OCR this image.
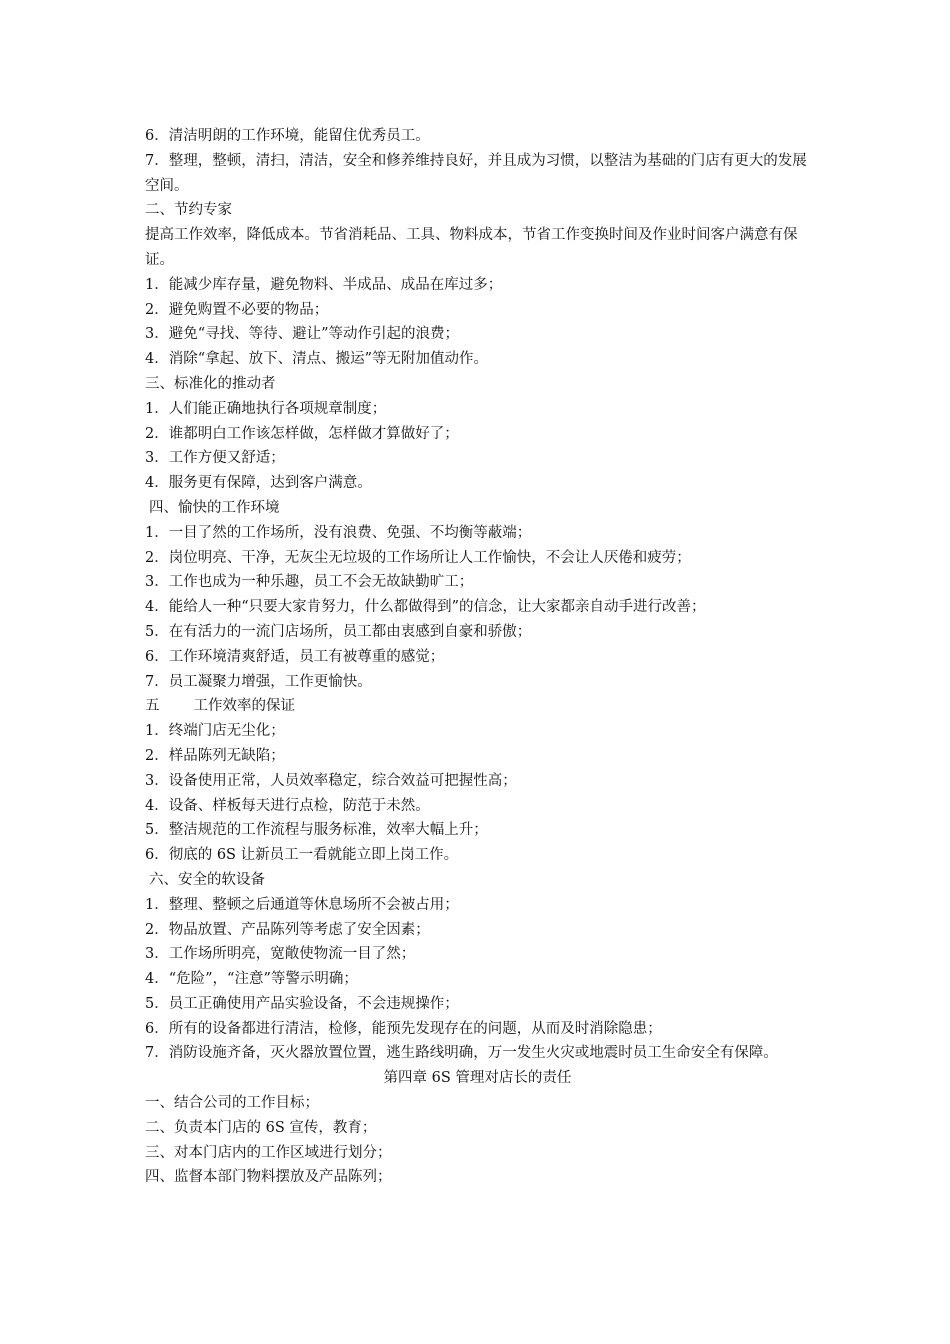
6．清洁明朗的工作环境，能留住优秀员工。
7．整理，整顿，清扫，清洁，安全和修养维持良好，并且成为习惯，以整洁为基础的门店有更大的发展空间。
二、节约专家
提高工作效率，降低成本。节省消耗品、工具、物料成本，节省工作变换时间及作业时间客户满意有保证。
1．能减少库存量，避免物料、半成品、成品在库过多；
2．避免购置不必要的物品；
3．避免“寻找、等待、避让”等动作引起的浪费；
4．消除“拿起、放下、清点、搬运”等无附加值动作。
三、标准化的推动者
1．人们能正确地执行各项规章制度；
2．谁都明白工作该怎样做，怎样做才算做好了；
3．工作方便又舒适；
4．服务更有保障，达到客户满意。
四、愉快的工作环境
1．一目了然的工作场所，没有浪费、免强、不均衡等蔽端；
2．岗位明亮、干净，无灰尘无垃圾的工作场所让人工作愉快，不会让人厌倦和疲劳；
3．工作也成为一种乐趣，员工不会无故缺勤旷工；
4．能给人一种“只要大家肯努力，什么都做得到”的信念，让大家都亲自动手进行改善；
5．在有活力的一流门店场所，员工都由衷感到自豪和骄傲；
6．工作环境清爽舒适，员工有被尊重的感觉；
7．员工凝聚力增强，工作更愉快。
五 工作效率的保证
1．终端门店无尘化；
2．样品陈列无缺陷；
3．设备使用正常，人员效率稳定，综合效益可把握性高；
4．设备、样板每天进行点检，防范于未然。
5．整洁规范的工作流程与服务标准，效率大幅上升；
6．彻底的 6S 让新员工一看就能立即上岗工作。
六、安全的软设备
1．整理、整顿之后通道等休息场所不会被占用；
2．物品放置、产品陈列等考虑了安全因素；
3．工作场所明亮，宽敞使物流一目了然；
4．“危险”，“注意”等警示明确；
5．员工正确使用产品实验设备，不会违规操作；
6．所有的设备都进行清洁，检修，能预先发现存在的问题，从而及时消除隐患；
7．消防设施齐备，灭火器放置位置，逃生路线明确，万一发生火灾或地震时员工生命安全有保障。
第四章 6S 管理对店长的责任
一、结合公司的工作目标；
二、负责本门店的 6S 宣传，教育；
三、对本门店内的工作区域进行划分；
四、监督本部门物料摆放及产品陈列；
